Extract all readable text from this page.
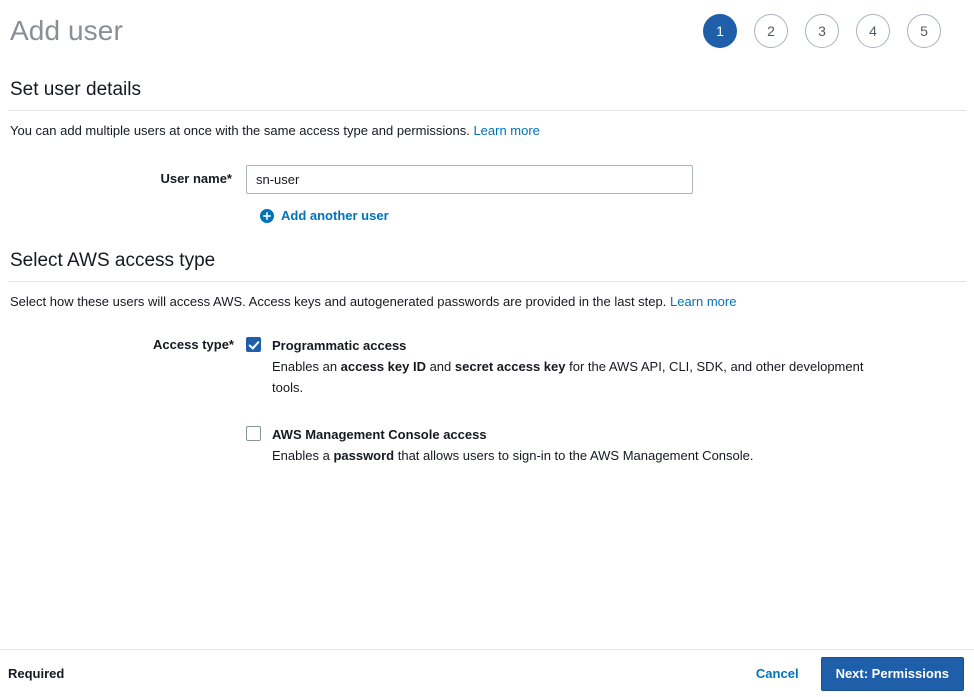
Add user	1	2	3	4	5
Set user details
You can add multiple users at once with the same access type and permissions. Learn more
User name*
sn-user
Add another user
Select AWS access type
Select how these users will access AWS. Access keys and autogenerated passwords are provided in the last step. Learn more
Access type*	Programmatic access
Enables an access key ID and secret access key for the AWS API, CLI, SDK, and other development tools.
AWS Management Console access
Enables a password that allows users to sign-in to the AWS Management Console.
Required	Cancel	Next: Permissions
